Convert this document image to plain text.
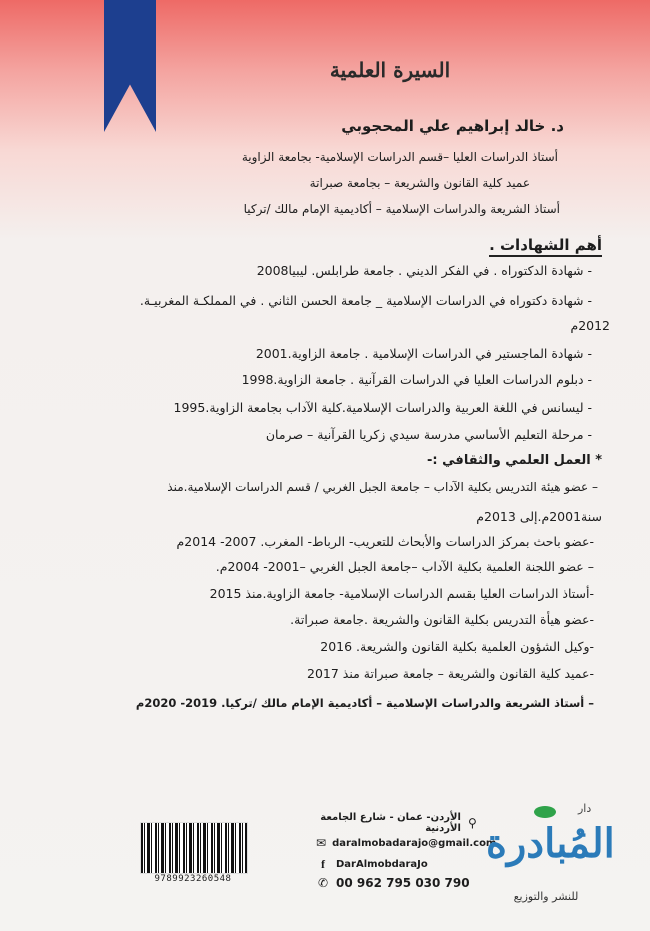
السيرة العلمية
د. خالد إبراهيم علي المحجوبي
أستاذ الدراسات العليا –قسم الدراسات الإسلامية- بجامعة الزاوية
عميد كلية القانون والشريعة – بجامعة صبراتة
أستاذ الشريعة والدراسات الإسلامية – أكاديمية الإمام مالك /تركيا
أهم الشهادات .
- شهادة الدكتوراه . في الفكر الديني . جامعة طرابلس. ليبيا2008
- شهادة دكتوراه في الدراسات الإسلامية _ جامعة الحسن الثاني . في المملكـة المغربيـة.
2012م
- شهادة الماجستير في الدراسات الإسلامية . جامعة الزاوية.2001
- دبلوم الدراسات العليا في الدراسات القرآنية . جامعة الزاوية.1998
- ليسانس في اللغة العربية والدراسات الإسلامية.كلية الآداب بجامعة الزاوية.1995
- مرحلة التعليم الأساسي مدرسة سيدي زكريا القرآنية – صرمان
* العمل العلمي والثقافي :-
– عضو هيئة التدريس بكلية الآداب – جامعة الجبل الغربي / قسم الدراسات الإسلامية.منذ
سنة2001م.إلى 2013م
-عضو باحث بمركز الدراسات والأبحاث للتعريب- الرباط- المغرب. 2007- 2014م
– عضو اللجنة العلمية بكلية الآداب –جامعة الجبل الغربي –2001- 2004م.
-أستاذ الدراسات العليا بقسم الدراسات الإسلامية- جامعة الزاوية.منذ 2015
-عضو هيأة التدريس بكلية القانون والشريعة .جامعة صبراتة.
-وكيل الشؤون العلمية بكلية القانون والشريعة. 2016
-عميد كلية القانون والشريعة – جامعة صبراتة منذ 2017
– أستاذ الشريعة والدراسات الإسلامية – أكاديمية الإمام مالك /تركيا. 2019- 2020م
9789923260548
⚲
الأردن- عمان - شارع الجامعة الأردنية
✉ daralmobadarajo@gmail.com
f	DarAlmobdaraJo
✆ 00 962 795 030 790
دار
المُبادرة
للنشر والتوزيع
